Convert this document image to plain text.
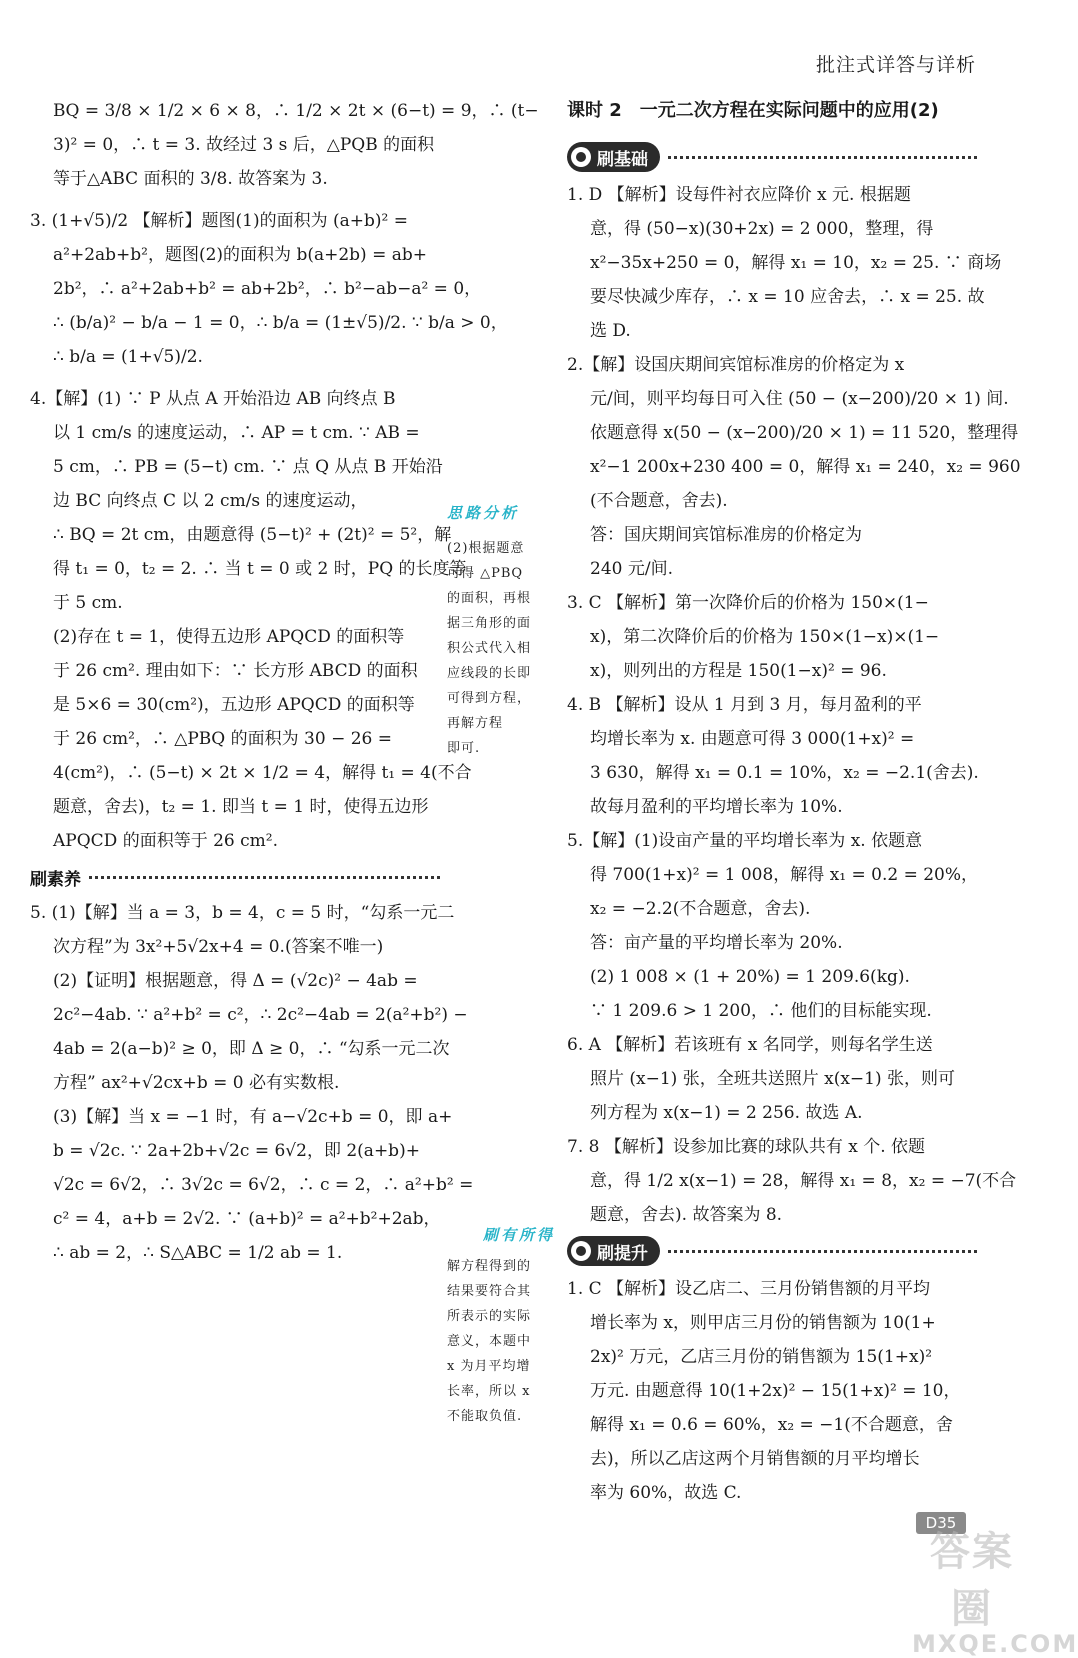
批注式详答与详析
BQ = 3/8 × 1/2 × 6 × 8，∴ 1/2 × 2t × (6−t) = 9，∴ (t−
3)² = 0，∴ t = 3. 故经过 3 s 后，△PQB 的面积
等于△ABC 面积的 3/8. 故答案为 3.
3. (1+√5)/2 【解析】题图(1)的面积为 (a+b)² =
a²+2ab+b²，题图(2)的面积为 b(a+2b) = ab+
2b²，∴ a²+2ab+b² = ab+2b²，∴ b²−ab−a² = 0，
∴ (b/a)² − b/a − 1 = 0，∴ b/a = (1±√5)/2. ∵ b/a > 0，
∴ b/a = (1+√5)/2.
4.【解】(1) ∵ P 从点 A 开始沿边 AB 向终点 B
以 1 cm/s 的速度运动，∴ AP = t cm. ∵ AB =
5 cm，∴ PB = (5−t) cm. ∵ 点 Q 从点 B 开始沿
边 BC 向终点 C 以 2 cm/s 的速度运动，
∴ BQ = 2t cm，由题意得 (5−t)² + (2t)² = 5²，解
得 t₁ = 0，t₂ = 2. ∴ 当 t = 0 或 2 时，PQ 的长度等
于 5 cm.
(2)存在 t = 1，使得五边形 APQCD 的面积等
于 26 cm². 理由如下：∵ 长方形 ABCD 的面积
是 5×6 = 30(cm²)，五边形 APQCD 的面积等
于 26 cm²，∴ △PBQ 的面积为 30 − 26 =
4(cm²)，∴ (5−t) × 2t × 1/2 = 4，解得 t₁ = 4(不合
题意，舍去)，t₂ = 1. 即当 t = 1 时，使得五边形
APQCD 的面积等于 26 cm².
刷素养
5. (1)【解】当 a = 3，b = 4，c = 5 时，“勾系一元二
次方程”为 3x²+5√2x+4 = 0.(答案不唯一)
(2)【证明】根据题意，得 Δ = (√2c)² − 4ab =
2c²−4ab. ∵ a²+b² = c²，∴ 2c²−4ab = 2(a²+b²) −
4ab = 2(a−b)² ≥ 0，即 Δ ≥ 0，∴ “勾系一元二次
方程” ax²+√2cx+b = 0 必有实数根.
(3)【解】当 x = −1 时，有 a−√2c+b = 0，即 a+
b = √2c. ∵ 2a+2b+√2c = 6√2，即 2(a+b)+
√2c = 6√2，∴ 3√2c = 6√2，∴ c = 2，∴ a²+b² =
c² = 4，a+b = 2√2. ∵ (a+b)² = a²+b²+2ab，
∴ ab = 2，∴ S△ABC = 1/2 ab = 1.
思路分析
(2)根据题意
可得 △PBQ
的面积，再根
据三角形的面
积公式代入相
应线段的长即
可得到方程，
再解方程
即可.
刷有所得
解方程得到的
结果要符合其
所表示的实际
意义，本题中
x 为月平均增
长率，所以 x
不能取负值.
课时 2　一元二次方程在实际问题中的应用(2)
刷基础
1. D 【解析】设每件衬衣应降价 x 元. 根据题
意，得 (50−x)(30+2x) = 2 000，整理，得
x²−35x+250 = 0，解得 x₁ = 10，x₂ = 25. ∵ 商场
要尽快减少库存，∴ x = 10 应舍去，∴ x = 25. 故
选 D.
2.【解】设国庆期间宾馆标准房的价格定为 x
元/间，则平均每日可入住 (50 − (x−200)/20 × 1) 间.
依题意得 x(50 − (x−200)/20 × 1) = 11 520，整理得
x²−1 200x+230 400 = 0，解得 x₁ = 240，x₂ = 960
(不合题意，舍去).
答：国庆期间宾馆标准房的价格定为
240 元/间.
3. C 【解析】第一次降价后的价格为 150×(1−
x)，第二次降价后的价格为 150×(1−x)×(1−
x)，则列出的方程是 150(1−x)² = 96.
4. B 【解析】设从 1 月到 3 月，每月盈利的平
均增长率为 x. 由题意可得 3 000(1+x)² =
3 630，解得 x₁ = 0.1 = 10%，x₂ = −2.1(舍去).
故每月盈利的平均增长率为 10%.
5.【解】(1)设亩产量的平均增长率为 x. 依题意
得 700(1+x)² = 1 008，解得 x₁ = 0.2 = 20%，
x₂ = −2.2(不合题意，舍去).
答：亩产量的平均增长率为 20%.
(2) 1 008 × (1 + 20%) = 1 209.6(kg).
∵ 1 209.6 > 1 200，∴ 他们的目标能实现.
6. A 【解析】若该班有 x 名同学，则每名学生送
照片 (x−1) 张，全班共送照片 x(x−1) 张，则可
列方程为 x(x−1) = 2 256. 故选 A.
7. 8 【解析】设参加比赛的球队共有 x 个. 依题
意，得 1/2 x(x−1) = 28，解得 x₁ = 8，x₂ = −7(不合
题意，舍去). 故答案为 8.
刷提升
1. C 【解析】设乙店二、三月份销售额的月平均
增长率为 x，则甲店三月份的销售额为 10(1+
2x)² 万元，乙店三月份的销售额为 15(1+x)²
万元. 由题意得 10(1+2x)² − 15(1+x)² = 10，
解得 x₁ = 0.6 = 60%，x₂ = −1(不合题意，舍
去)，所以乙店这两个月销售额的月平均增长
率为 60%，故选 C.
D35
答案圈
MXQE.COM
